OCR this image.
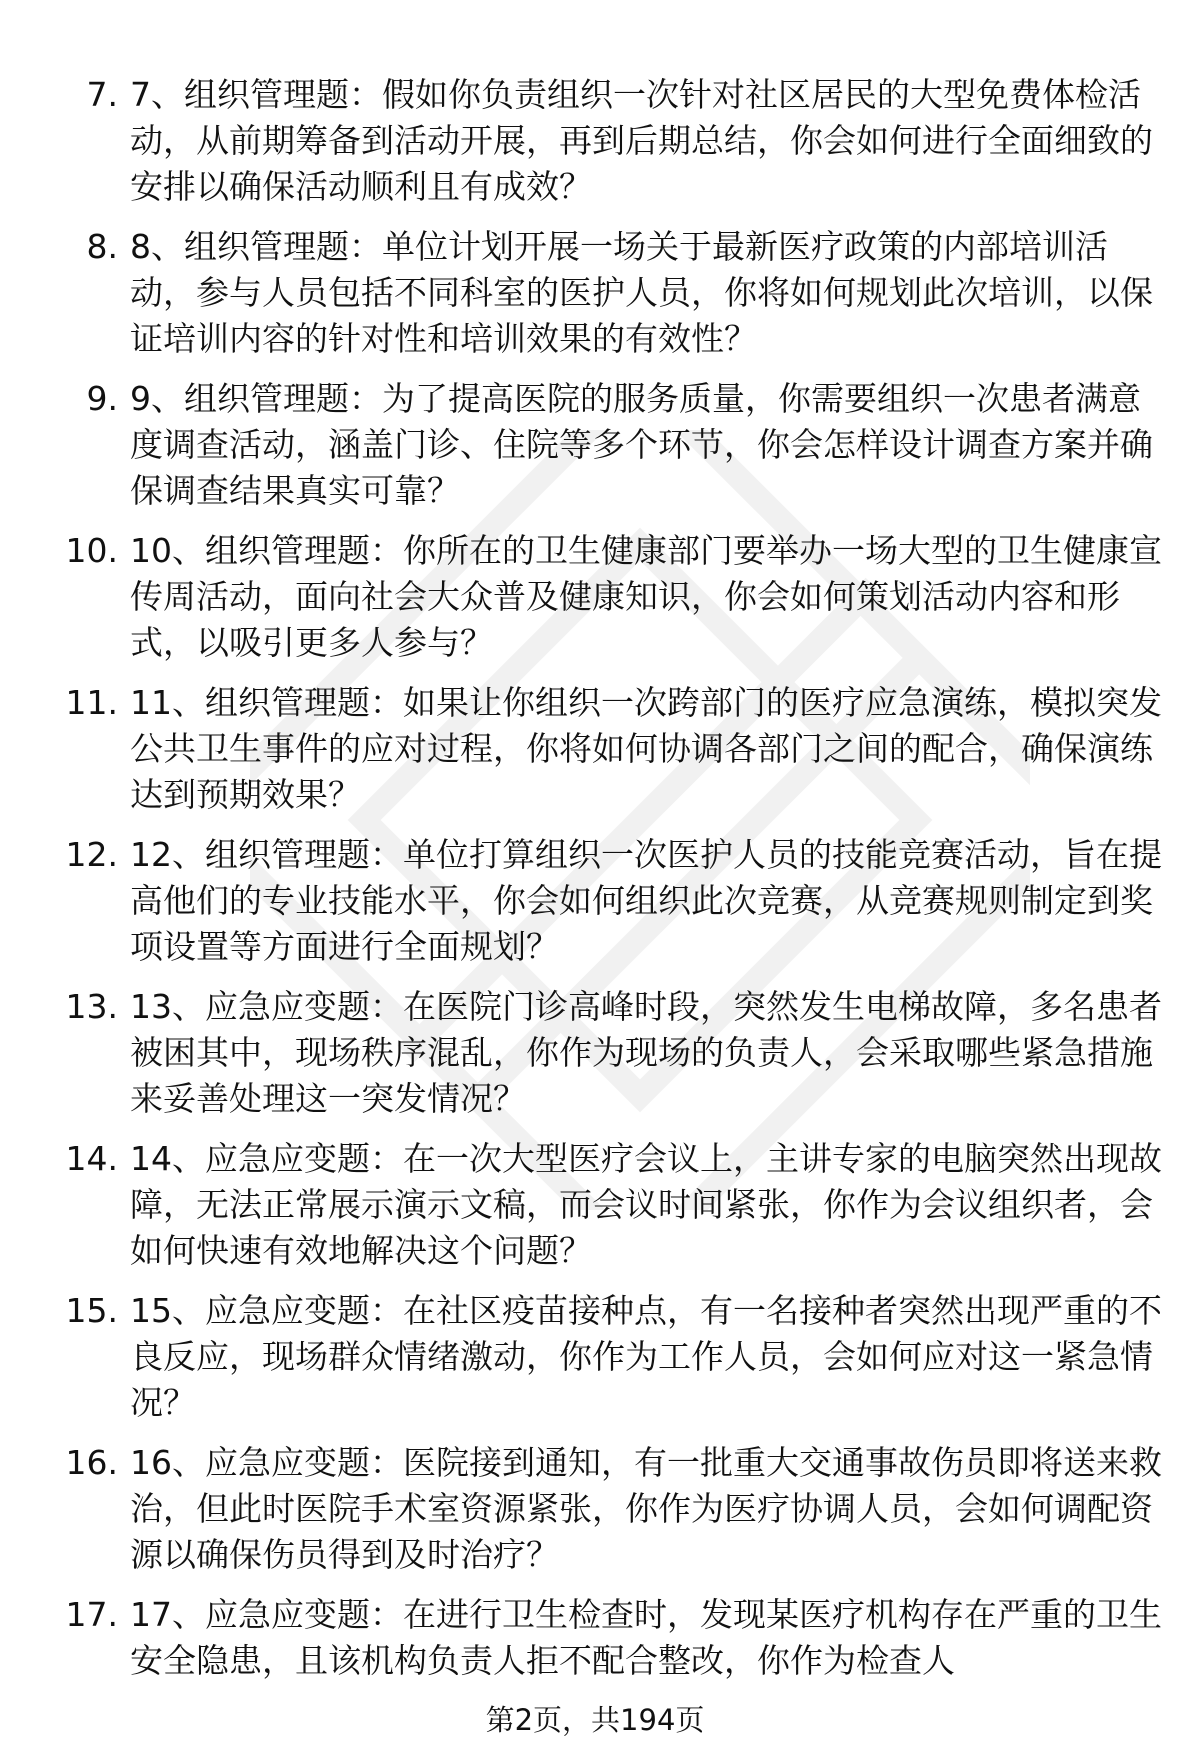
7. 7、组织管理题：假如你负责组织一次针对社区居民的大型免费体检活动，从前期筹备到活动开展，再到后期总结，你会如何进行全面细致的安排以确保活动顺利且有成效？
8. 8、组织管理题：单位计划开展一场关于最新医疗政策的内部培训活动，参与人员包括不同科室的医护人员，你将如何规划此次培训，以保证培训内容的针对性和培训效果的有效性？
9. 9、组织管理题：为了提高医院的服务质量，你需要组织一次患者满意度调查活动，涵盖门诊、住院等多个环节，你会怎样设计调查方案并确保调查结果真实可靠？
10. 10、组织管理题：你所在的卫生健康部门要举办一场大型的卫生健康宣传周活动，面向社会大众普及健康知识，你会如何策划活动内容和形式，以吸引更多人参与？
11. 11、组织管理题：如果让你组织一次跨部门的医疗应急演练，模拟突发公共卫生事件的应对过程，你将如何协调各部门之间的配合，确保演练达到预期效果？
12. 12、组织管理题：单位打算组织一次医护人员的技能竞赛活动，旨在提高他们的专业技能水平，你会如何组织此次竞赛，从竞赛规则制定到奖项设置等方面进行全面规划？
13. 13、应急应变题：在医院门诊高峰时段，突然发生电梯故障，多名患者被困其中，现场秩序混乱，你作为现场的负责人，会采取哪些紧急措施来妥善处理这一突发情况？
14. 14、应急应变题：在一次大型医疗会议上，主讲专家的电脑突然出现故障，无法正常展示演示文稿，而会议时间紧张，你作为会议组织者，会如何快速有效地解决这个问题？
15. 15、应急应变题：在社区疫苗接种点，有一名接种者突然出现严重的不良反应，现场群众情绪激动，你作为工作人员，会如何应对这一紧急情况？
16. 16、应急应变题：医院接到通知，有一批重大交通事故伤员即将送来救治，但此时医院手术室资源紧张，你作为医疗协调人员，会如何调配资源以确保伤员得到及时治疗？
17. 17、应急应变题：在进行卫生检查时，发现某医疗机构存在严重的卫生安全隐患，且该机构负责人拒不配合整改，你作为检查人
第2页，共194页
